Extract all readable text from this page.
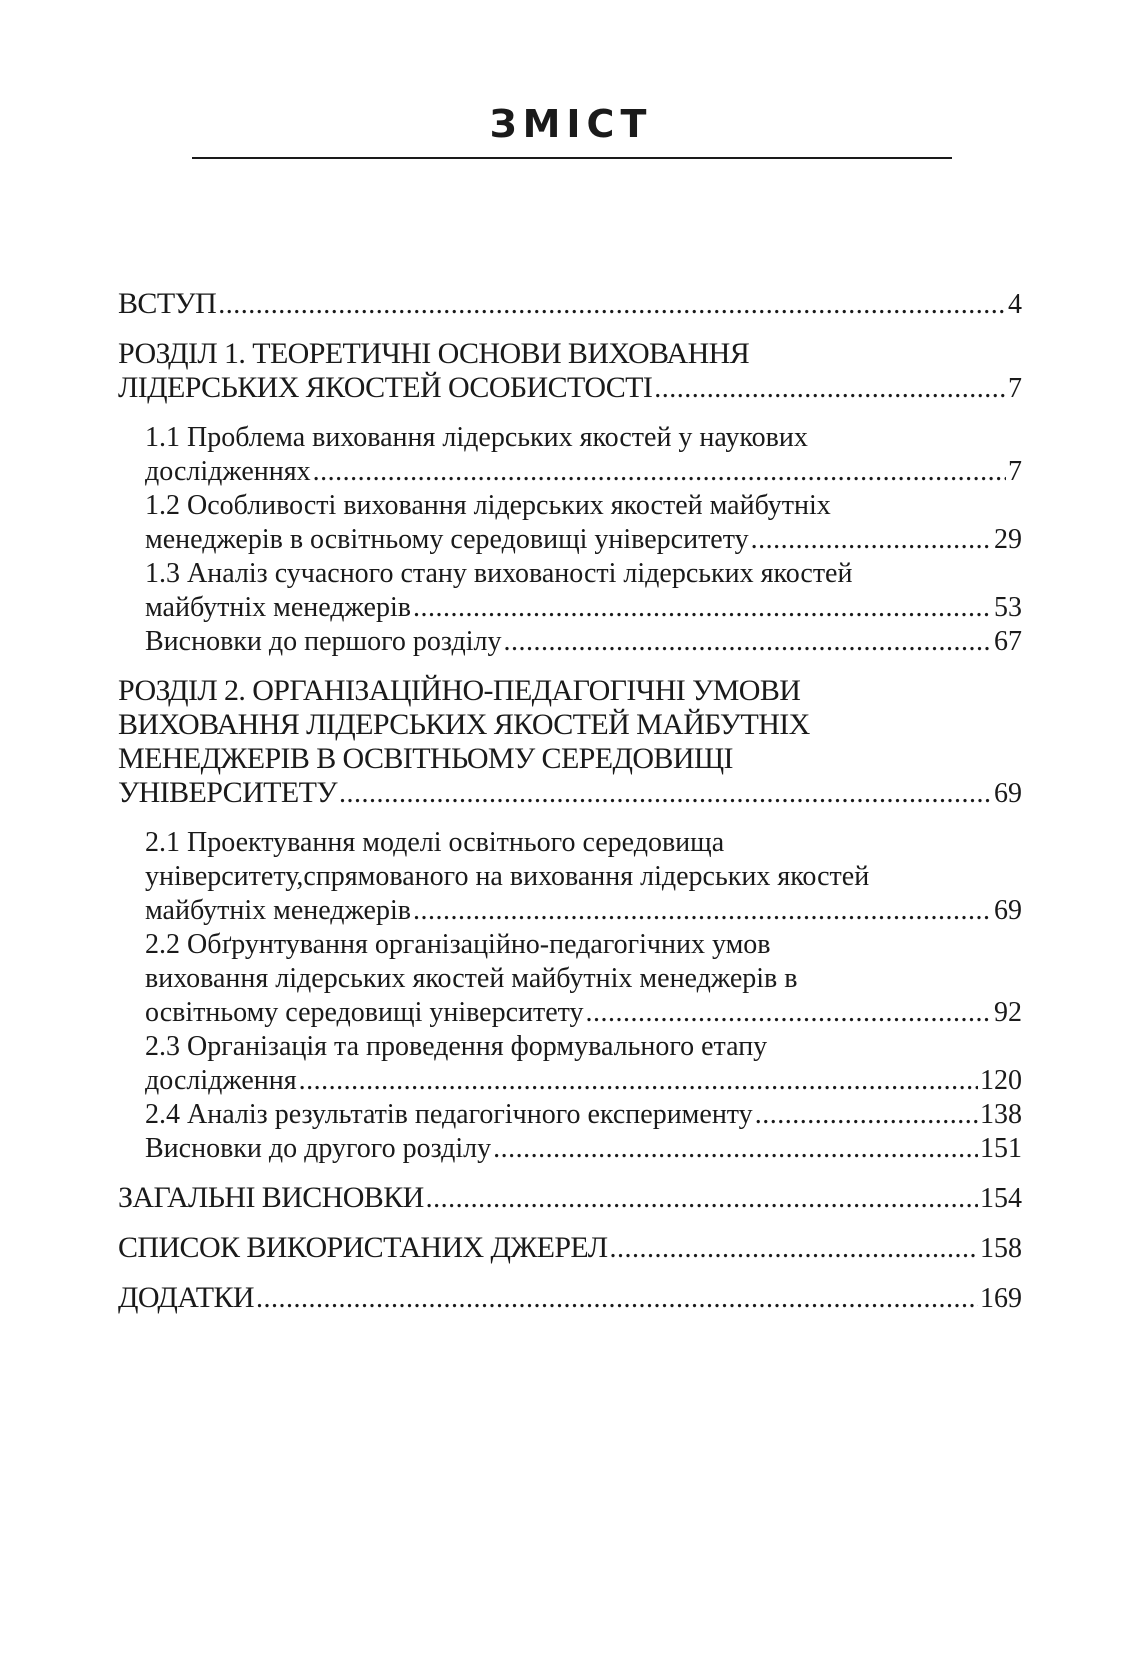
ЗМІСТ
ВСТУП .....	4
РОЗДІЛ 1. ТЕОРЕТИЧНІ ОСНОВИ ВИХОВАННЯ
ЛІДЕРСЬКИХ ЯКОСТЕЙ ОСОБИСТОСТІ .....	7
1.1 Проблема виховання лідерських якостей у наукових
дослідженнях .....	7
1.2 Особливості виховання лідерських якостей майбутніх
менеджерів в освітньому середовищі університету .....	29
1.3 Аналіз сучасного стану вихованості лідерських якостей
майбутніх менеджерів .....	53
Висновки до першого розділу .....	67
РОЗДІЛ 2. ОРГАНІЗАЦІЙНО-ПЕДАГОГІЧНІ УМОВИ
ВИХОВАННЯ ЛІДЕРСЬКИХ ЯКОСТЕЙ МАЙБУТНІХ
МЕНЕДЖЕРІВ В ОСВІТНЬОМУ СЕРЕДОВИЩІ
УНІВЕРСИТЕТУ .....	69
2.1 Проектування моделі освітнього середовища
університету,спрямованого на виховання лідерських якостей
майбутніх менеджерів .....	69
2.2 Обґрунтування організаційно-педагогічних умов
виховання лідерських якостей майбутніх менеджерів в
освітньому середовищі університету .....	92
2.3 Організація та проведення формувального етапу
дослідження .....	120
2.4 Аналіз результатів педагогічного експерименту .....	138
Висновки до другого розділу .....	151
ЗАГАЛЬНІ ВИСНОВКИ .....	154
СПИСОК ВИКОРИСТАНИХ ДЖЕРЕЛ .....	158
ДОДАТКИ .....	169
